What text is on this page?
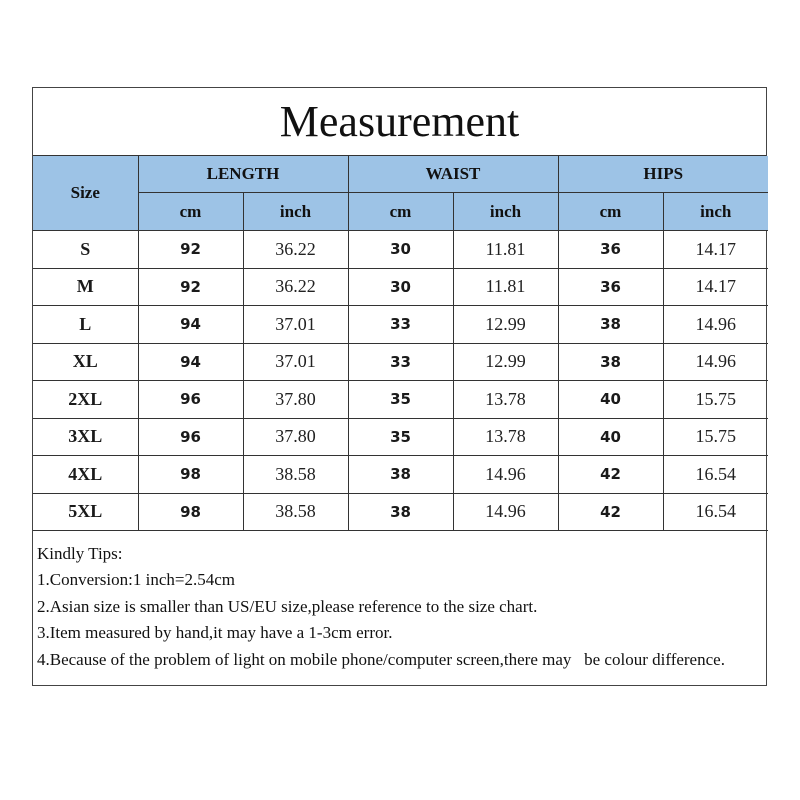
Measurement
Size	LENGTH		WAIST		HIPS	
	cm	inch	cm	inch	cm	inch
S	92	36.22	30	11.81	36	14.17
M	92	36.22	30	11.81	36	14.17
L	94	37.01	33	12.99	38	14.96
XL	94	37.01	33	12.99	38	14.96
2XL	96	37.80	35	13.78	40	15.75
3XL	96	37.80	35	13.78	40	15.75
4XL	98	38.58	38	14.96	42	16.54
5XL	98	38.58	38	14.96	42	16.54
Kindly Tips:
1.Conversion:1 inch=2.54cm
2.Asian size is smaller than US/EU size,please reference to the size chart.
3.Item measured by hand,it may have a 1-3cm error.
4.Because of the problem of light on mobile phone/computer screen,there may   be colour difference.
